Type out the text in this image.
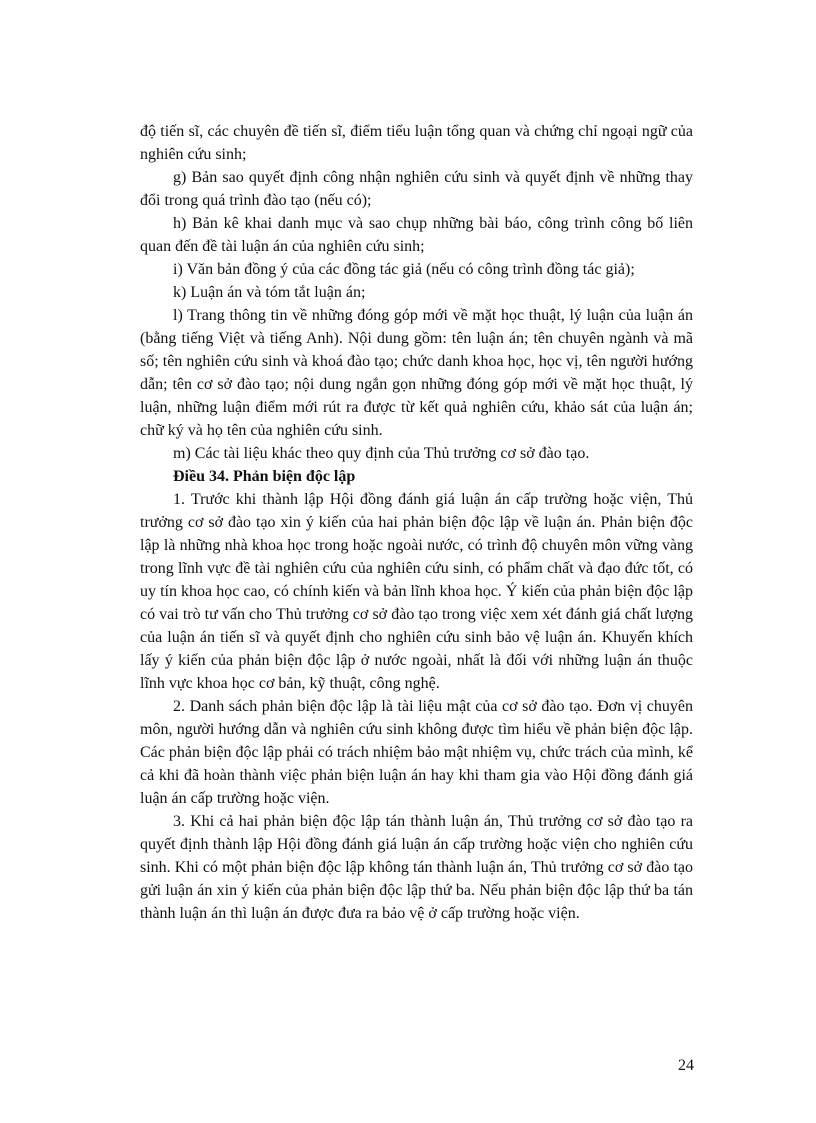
độ tiến sĩ, các chuyên đề tiến sĩ, điểm tiểu luận tổng quan và chứng chỉ ngoại ngữ của nghiên cứu sinh;

g) Bản sao quyết định công nhận nghiên cứu sinh và quyết định về những thay đổi trong quá trình đào tạo (nếu có);

h) Bản kê khai danh mục và sao chụp những bài báo, công trình công bố liên quan đến đề tài luận án của nghiên cứu sinh;

i) Văn bản đồng ý của các đồng tác giả (nếu có công trình đồng tác giả);

k) Luận án và tóm tắt luận án;

l) Trang thông tin về những đóng góp mới về mặt học thuật, lý luận của luận án (bằng tiếng Việt và tiếng Anh). Nội dung gồm: tên luận án; tên chuyên ngành và mã số; tên nghiên cứu sinh và khoá đào tạo; chức danh khoa học, học vị, tên người hướng dẫn; tên cơ sở đào tạo; nội dung ngắn gọn những đóng góp mới về mặt học thuật, lý luận, những luận điểm mới rút ra được từ kết quả nghiên cứu, khảo sát của luận án; chữ ký và họ tên của nghiên cứu sinh.

m) Các tài liệu khác theo quy định của Thủ trưởng cơ sở đào tạo.

Điều 34. Phản biện độc lập

1. Trước khi thành lập Hội đồng đánh giá luận án cấp trường hoặc viện, Thủ trưởng cơ sở đào tạo xin ý kiến của hai phản biện độc lập về luận án. Phản biện độc lập là những nhà khoa học trong hoặc ngoài nước, có trình độ chuyên môn vững vàng trong lĩnh vực đề tài nghiên cứu của nghiên cứu sinh, có phẩm chất và đạo đức tốt, có uy tín khoa học cao, có chính kiến và bản lĩnh khoa học. Ý kiến của phản biện độc lập có vai trò tư vấn cho Thủ trưởng cơ sở đào tạo trong việc xem xét đánh giá chất lượng của luận án tiến sĩ và quyết định cho nghiên cứu sinh bảo vệ luận án. Khuyến khích lấy ý kiến của phản biện độc lập ở nước ngoài, nhất là đối với những luận án thuộc lĩnh vực khoa học cơ bản, kỹ thuật, công nghệ.

2. Danh sách phản biện độc lập là tài liệu mật của cơ sở đào tạo. Đơn vị chuyên môn, người hướng dẫn và nghiên cứu sinh không được tìm hiểu về phản biện độc lập. Các phản biện độc lập phải có trách nhiệm bảo mật nhiệm vụ, chức trách của mình, kể cả khi đã hoàn thành việc phản biện luận án hay khi tham gia vào Hội đồng đánh giá luận án cấp trường hoặc viện.

3. Khi cả hai phản biện độc lập tán thành luận án, Thủ trưởng cơ sở đào tạo ra quyết định thành lập Hội đồng đánh giá luận án cấp trường hoặc viện cho nghiên cứu sinh. Khi có một phản biện độc lập không tán thành luận án, Thủ trưởng cơ sở đào tạo gửi luận án xin ý kiến của phản biện độc lập thứ ba. Nếu phản biện độc lập thứ ba tán thành luận án thì luận án được đưa ra bảo vệ ở cấp trường hoặc viện.

24
